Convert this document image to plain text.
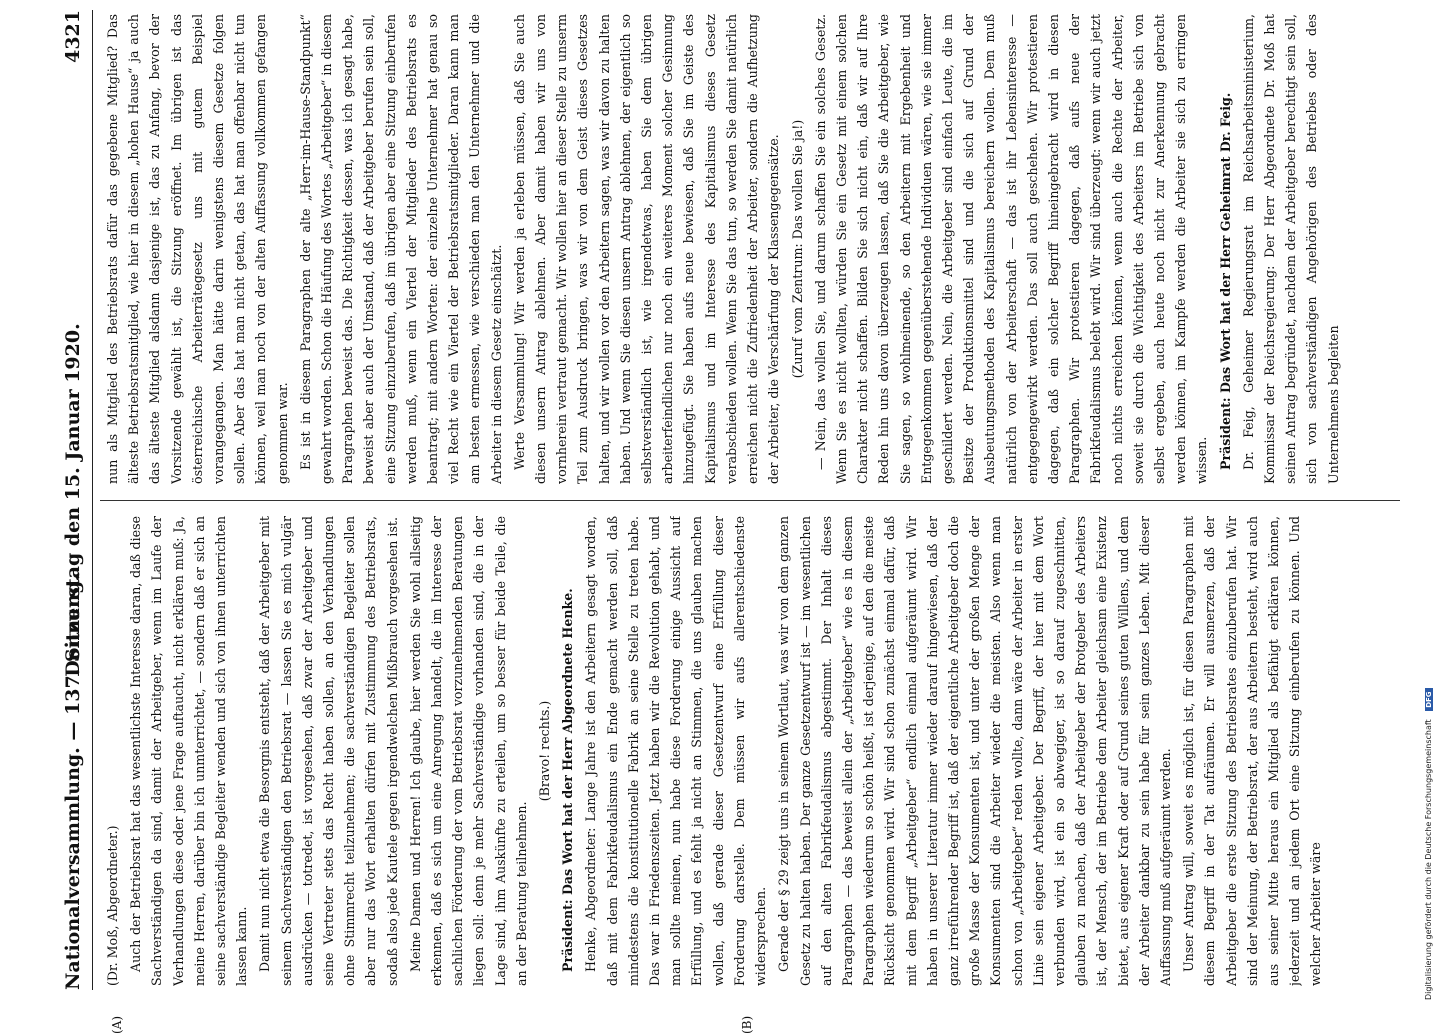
Nationalversammlung. — 137. Sitzung.
Donnerstag den 15. Januar 1920.
4321
(A)	(B)

(Dr. Moß, Abgeordneter.) Auch der Betriebsrat hat das wesentlichste Interesse daran, daß diese Sachverständigen da sind, damit der Arbeitgeber, wenn im Laufe der Verhandlungen diese oder jene Frage auftaucht, nicht erklären muß: Ja, meine Herren, darüber bin ich unmterrichtet, — sondern daß er sich an seine sachverständige Begleiter wenden und sich von ihnen unterrichten lassen kann. Damit nun nicht etwa die Besorgnis entsteht, daß der Arbeitgeber mit seinem Sachverständigen den Betriebsrat — lassen Sie es mich vulgär ausdrücken — totredet, ist vorgesehen, daß zwar der Arbeitgeber und seine Vertreter stets das Recht haben sollen, an den Verhandlungen ohne Stimmrecht teilzunehmen; die sachverständigen Begleiter sollen aber nur das Wort erhalten dürfen mit Zustimmung des Betriebsrats, sodaß also jede Kautele gegen irgendwelchen Mißbrauch vorgesehen ist. Meine Damen und Herren! Ich glaube, hier werden Sie wohl allseitig erkennen, daß es sich um eine Anregung handelt, die im Interesse der sachlichen Förderung der vom Betriebsrat vorzunehmenden Beratungen liegen soll: denn je mehr Sachverständige vorhanden sind, die in der Lage sind, ihm Auskünfte zu erteilen, um so besser für beide Teile, die an der Beratung teilnehmen.

(Bravo! rechts.) Präsident: Das Wort hat der Herr Abgeordnete Henke. Henke, Abgeordneter: Lange Jahre ist den Arbeitern gesagt worden, daß mit dem Fabrikfeudalismus ein Ende gemacht werden soll, daß mindestens die konstitutionelle Fabrik an seine Stelle zu treten habe. Das war in Friedenszeiten. Jetzt haben wir die Revolution gehabt, und man sollte meinen, nun habe diese Forderung einige Aussicht auf Erfüllung, und es fehlt ja nicht an Stimmen, die uns glauben machen wollen, daß gerade dieser Gesetzentwurf eine Erfüllung dieser Forderung darstelle. Dem müssen wir aufs allerentschiedenste widersprechen. Gerade der § 29 zeigt uns in seinem Wortlaut, was wir von dem ganzen Gesetz zu halten haben. Der ganze Gesetzentwurf ist — im wesentlichen auf den alten Fabrikfeudalismus abgestimmt. Der Inhalt dieses Paragraphen — das beweist allein der „Arbeitgeber“ wie es in diesem Paragraphen wiederum so schön heißt, ist derjenige, auf den die meiste Rücksicht genommen wird. Wir sind schon zunächst einmal dafür, daß mit dem Begriff „Arbeitgeber“ endlich einmal aufgeräumt wird. Wir haben in unserer Literatur immer wieder darauf hingewiesen, daß der ganz irreführender Begriff ist, daß der eigentliche Arbeitgeber doch die große Masse der Konsumenten ist, und unter der großen Menge der Konsumenten sind die Arbeiter wieder die meisten. Also wenn man schon von „Arbeitgeber“ reden wollte, dann wäre der Arbeiter in erster Linie sein eigener Arbeitgeber. Der Begriff, der hier mit dem Wort verbunden wird, ist ein so abwegiger, ist so darauf zugeschnitten, glauben zu machen, daß der Arbeitgeber der Brotgeber des Arbeiters ist, der Mensch, der im Betriebe dem Arbeiter gleichsam eine Existenz bietet, aus eigener Kraft oder auf Grund seines guten Willens, und dem der Arbeiter dankbar zu sein habe für sein ganzes Leben. Mit dieser Auffassung muß aufgeräumt werden. Unser Antrag will, soweit es möglich ist, für diesen Paragraphen mit diesem Begriff in der Tat aufräumen. Er will ausmerzen, daß der Arbeitgeber die erste Sitzung des Betriebsrates einzuberufen hat. Wir sind der Meinung, der Betriebsrat, der aus Arbeitern besteht, wird auch aus seiner Mitte heraus ein Mitglied als befähigt erklären können, jederzeit und an jedem Ort eine Sitzung einberufen zu können. Und welcher Arbeiter wäre

nun als Mitglied des Betriebsrats dafür das gegebene Mitglied? Das älteste Betriebsratsmitglied, wie hier in diesem „hohen Hause“ ja auch das älteste Mitglied alsdann dasjenige ist, das zu Anfang, bevor der Vorsitzende gewählt ist, die Sitzung eröffnet. Im übrigen ist das österreichische Arbeiterrätegesetz uns mit gutem Beispiel vorangegangen. Man hätte darin wenigstens diesem Gesetze folgen sollen. Aber das hat man nicht getan, das hat man offenbar nicht tun können, weil man noch von der alten Auffassung vollkommen gefangen genommen war. Es ist in diesem Paragraphen der alte „Herr-im-Hause-Standpunkt“ gewahrt worden. Schon die Häufung des Wortes „Arbeitgeber“ in diesem Paragraphen beweist das. Die Richtigkeit dessen, was ich gesagt habe, beweist aber auch der Umstand, daß der Arbeitgeber berufen sein soll, eine Sitzung einzuberufen, daß im übrigen aber eine Sitzung einberufen werden muß, wenn ein Viertel der Mitglieder des Betriebsrats es beantragt; mit andern Worten: der einzelne Unternehmer hat genau so viel Recht wie ein Viertel der Betriebsratsmitglieder. Daran kann man am besten ermessen, wie verschieden man den Unternehmer und die Arbeiter in diesem Gesetz einschätzt. Werte Versammlung! Wir werden ja erleben müssen, daß Sie auch diesen unsern Antrag ablehnen. Aber damit haben wir uns von vornherein vertraut gemacht. Wir wollen hier an dieser Stelle zu unserm Teil zum Ausdruck bringen, was wir von dem Geist dieses Gesetzes halten, und wir wollen vor den Arbeitern sagen, was wir davon zu halten haben. Und wenn Sie diesen unsern Antrag ablehnen, der eigentlich so selbstverständlich ist, wie irgendetwas, haben Sie dem übrigen arbeiterfeindlichen nur noch ein weiteres Moment solcher Gesinnung hinzugefügt. Sie haben aufs neue bewiesen, daß Sie im Geiste des Kapitalismus und im Interesse des Kapitalismus dieses Gesetz verabschieden wollen. Wenn Sie das tun, so werden Sie damit natürlich erreichen nicht die Zufriedenheit der Arbeiter, sondern die Aufhetzung der Arbeiter, die Verschärfung der Klassengegensätze. (Zuruf vom Zentrum: Das wollen Sie ja!) — Nein, das wollen Sie, und darum schaffen Sie ein solches Gesetz. Wenn Sie es nicht wollten, würden Sie ein Gesetz mit einem solchen Charakter nicht schaffen. Bilden Sie sich nicht ein, daß wir auf Ihre Reden hin uns davon überzeugen lassen, daß Sie die Arbeitgeber, wie Sie sagen, so wohlmeinende, so den Arbeitern mit Ergebenheit und Entgegenkommen gegenüberstehende Individuen wären, wie sie immer geschildert werden. Nein, die Arbeitgeber sind einfach Leute, die im Besitze der Produktionsmittel sind und die sich auf Grund der Ausbeutungsmethoden des Kapitalismus bereichern wollen. Dem muß natürlich von der Arbeiterschaft — das ist ihr Lebensinteresse — entgegengewirkt werden. Das soll auch geschehen. Wir protestieren dagegen, daß ein solcher Begriff hineingebracht wird in diesen Paragraphen. Wir protestieren dagegen, daß aufs neue der Fabrikfeudalismus belebt wird. Wir sind überzeugt: wenn wir auch jetzt noch nichts erreichen können, wenn auch die Rechte der Arbeiter, soweit sie durch die Wichtigkeit des Arbeiters im Betriebe sich von selbst ergeben, auch heute noch nicht zur Anerkennung gebracht werden können, im Kampfe werden die Arbeiter sie sich zu erringen wissen. Präsident: Das Wort hat der Herr Geheimrat Dr. Feig. Dr. Feig, Geheimer Regierungsrat im Reichsarbeitsministerium, Kommissar der Reichsregierung: Der Herr Abgeordnete Dr. Moß hat seinen Antrag begründet, nachdem der Arbeitgeber berechtigt sein soll, sich von sachverständigen Angehörigen des Betriebes oder des Unternehmens begleiten

Digitalisierung gefördert durch die Deutsche Forschungsgemeinschaft DFG
